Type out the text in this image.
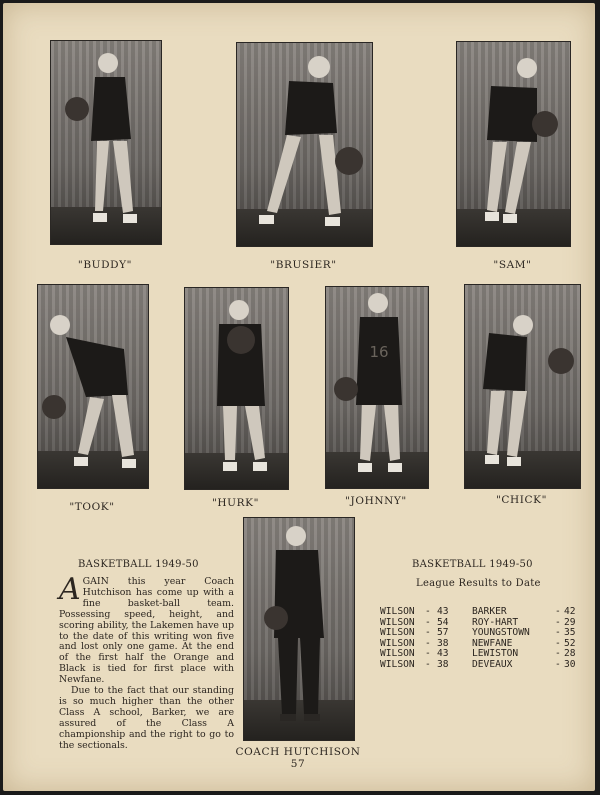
"BUDDY"	"BRUSIER"	"SAM"
16
"TOOK"	"HURK"	"JOHNNY"	"CHICK"
COACH HUTCHISON
57
BASKETBALL 1949-50

AGAIN this year Coach Hutchison has come up with a fine basket-ball team. Possessing speed, height, and scoring ability, the Lakemen have up to the date of this writing won five and lost only one game. At the end of the first half the Orange and Black is tied for first place with Newfane.

Due to the fact that our standing is so much higher than the other Class A school, Barker, we are assured of the Class A championship and the right to go to the sectionals.

BASKETBALL 1949-50
League Results to Date
WILSON - 43 BARKER	- 42
WILSON - 54 ROY-HART	- 29
WILSON - 57 YOUNGSTOWN	- 35
WILSON - 38 NEWFANE	- 52
WILSON - 43 LEWISTON	- 28
WILSON - 38 DEVEAUX	- 30
